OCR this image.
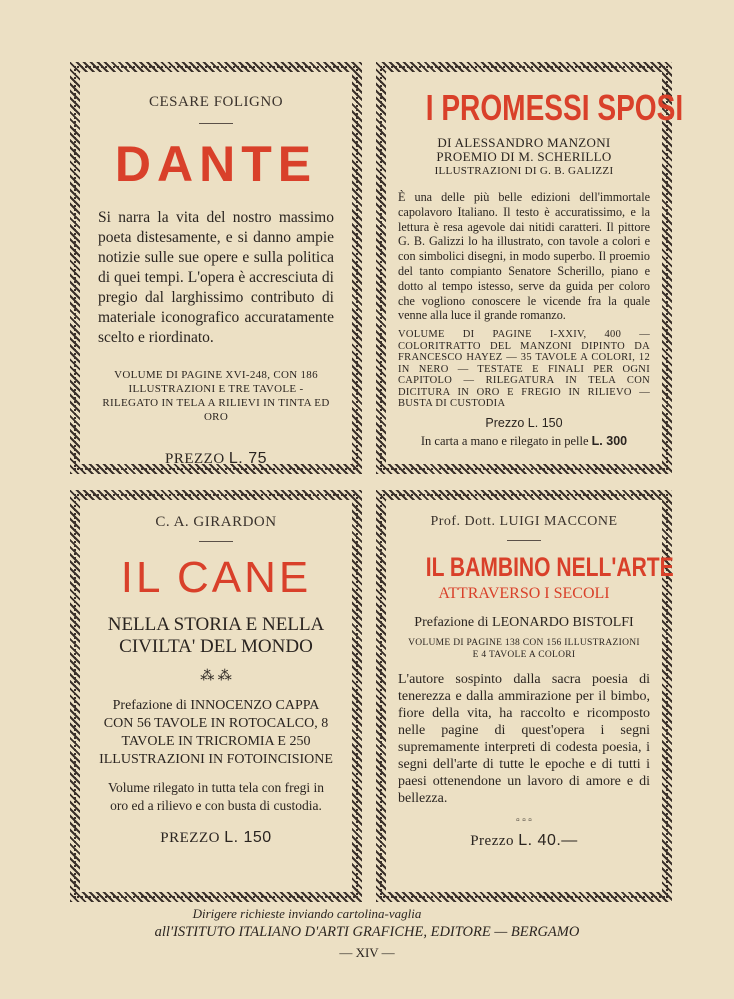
CESARE FOLIGNO
DANTE
Si narra la vita del nostro massimo poeta distesamente, e si danno ampie notizie sulle sue opere e sulla politica di quei tempi. L'opera è accresciuta di pregio dal larghissimo contributo di materiale iconografico accuratamente scelto e riordinato.
VOLUME DI PAGINE XVI-248, CON 186 ILLUSTRAZIONI E TRE TAVOLE - RILEGATO IN TELA A RILIEVI IN TINTA ED ORO
PREZZO L. 75
I PROMESSI SPOSI
DI ALESSANDRO MANZONI
PROEMIO DI M. SCHERILLO
ILLUSTRAZIONI DI G. B. GALIZZI
È una delle più belle edizioni dell'immortale capolavoro Italiano. Il testo è accuratissimo, e la lettura è resa agevole dai nitidi caratteri. Il pittore G. B. Galizzi lo ha illustrato, con tavole a colori e con simbolici disegni, in modo superbo. Il proemio del tanto compianto Senatore Scherillo, piano e dotto al tempo istesso, serve da guida per coloro che vogliono conoscere le vicende fra la quale venne alla luce il grande romanzo.
VOLUME DI PAGINE I-XXIV, 400 — COLORITRATTO DEL MANZONI DIPINTO DA FRANCESCO HAYEZ — 35 TAVOLE A COLORI, 12 IN NERO — TESTATE E FINALI PER OGNI CAPITOLO — RILEGATURA IN TELA CON DICITURA IN ORO E FREGIO IN RILIEVO — BUSTA DI CUSTODIA
Prezzo L. 150
In carta a mano e rilegato in pelle L. 300
C. A. GIRARDON
IL CANE
NELLA STORIA E NELLA
CIVILTA' DEL MONDO
⁂ ⁂
Prefazione di INNOCENZO CAPPA CON 56 TAVOLE IN ROTOCALCO, 8 TAVOLE IN TRICROMIA E 250 ILLUSTRAZIONI IN FOTOINCISIONE
Volume rilegato in tutta tela con fregi in oro ed a rilievo e con busta di custodia.
PREZZO L. 150
Prof. Dott. LUIGI MACCONE
IL BAMBINO NELL'ARTE
ATTRAVERSO I SECOLI
Prefazione di LEONARDO BISTOLFI
VOLUME DI PAGINE 138 CON 156 ILLUSTRAZIONI E 4 TAVOLE A COLORI
L'autore sospinto dalla sacra poesia di tenerezza e dalla ammirazione per il bimbo, fiore della vita, ha raccolto e ricomposto nelle pagine di quest'opera i segni supremamente interpreti di codesta poesia, i segni dell'arte di tutte le epoche e di tutti i paesi ottenendone un lavoro di amore e di bellezza.
▫ ▫ ▫
Prezzo L. 40.—
Dirigere richieste inviando cartolina-vaglia
all'ISTITUTO ITALIANO D'ARTI GRAFICHE, EDITORE — BERGAMO
— XIV —
